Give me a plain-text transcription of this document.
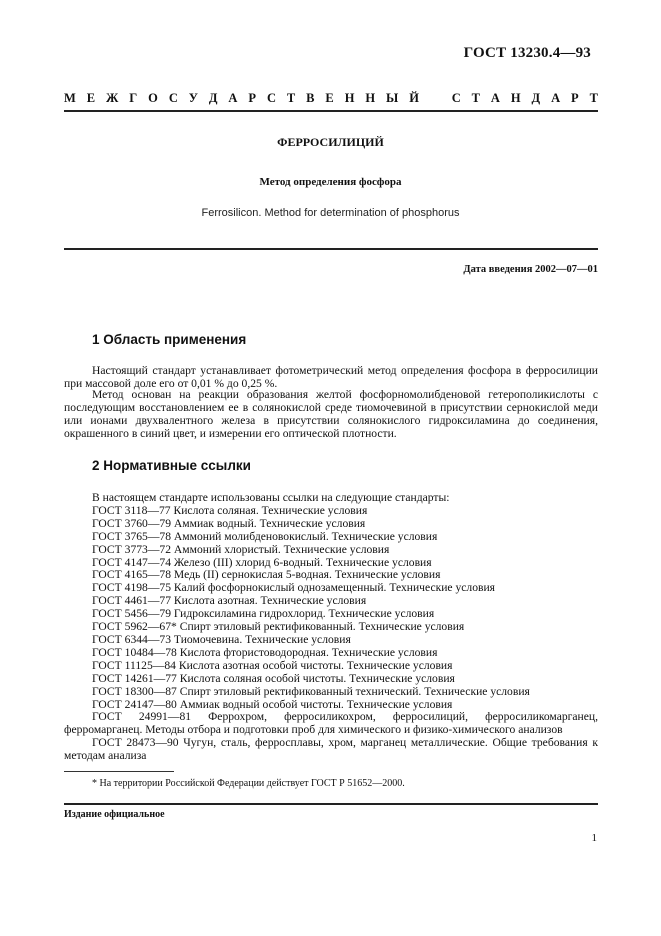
ГОСТ 13230.4—93
М Е Ж Г О С У Д А Р С Т В Е Н Н Ы Й	С Т А Н Д А Р Т
ФЕРРОСИЛИЦИЙ
Метод определения фосфора
Ferrosilicon. Method for determination of phosphorus
Дата введения 2002—07—01
1 Область применения

Настоящий стандарт устанавливает фотометрический метод определения фосфора в ферросилиции при массовой доле его от 0,01 % до 0,25 %.

Метод основан на реакции образования желтой фосфорномолибденовой гетерополикислоты с последующим восстановлением ее в солянокислой среде тиомочевиной в присутствии сернокислой меди или ионами двухвалентного железа в присутствии солянокислого гидроксиламина до соединения, окрашенного в синий цвет, и измерении его оптической плотности.

2 Нормативные ссылки
В настоящем стандарте использованы ссылки на следующие стандарты:
ГОСТ 3118—77 Кислота соляная. Технические условия
ГОСТ 3760—79 Аммиак водный. Технические условия
ГОСТ 3765—78 Аммоний молибденовокислый. Технические условия
ГОСТ 3773—72 Аммоний хлористый. Технические условия
ГОСТ 4147—74 Железо (III) хлорид 6-водный. Технические условия
ГОСТ 4165—78 Медь (II) сернокислая 5-водная. Технические условия
ГОСТ 4198—75 Калий фосфорнокислый однозамещенный. Технические условия
ГОСТ 4461—77 Кислота азотная. Технические условия
ГОСТ 5456—79 Гидроксиламина гидрохлорид. Технические условия
ГОСТ 5962—67* Спирт этиловый ректификованный. Технические условия
ГОСТ 6344—73 Тиомочевина. Технические условия
ГОСТ 10484—78 Кислота фтористоводородная. Технические условия
ГОСТ 11125—84 Кислота азотная особой чистоты. Технические условия
ГОСТ 14261—77 Кислота соляная особой чистоты. Технические условия
ГОСТ 18300—87 Спирт этиловый ректификованный технический. Технические условия
ГОСТ 24147—80 Аммиак водный особой чистоты. Технические условия
ГОСТ 24991—81 Феррохром, ферросиликохром, ферросилиций, ферросиликомарганец, ферромарганец. Методы отбора и подготовки проб для химического и физико-химического анализов
ГОСТ 28473—90 Чугун, сталь, ферросплавы, хром, марганец металлические. Общие требования к методам анализа
* На территории Российской Федерации действует ГОСТ Р 51652—2000.
Издание официальное
1
